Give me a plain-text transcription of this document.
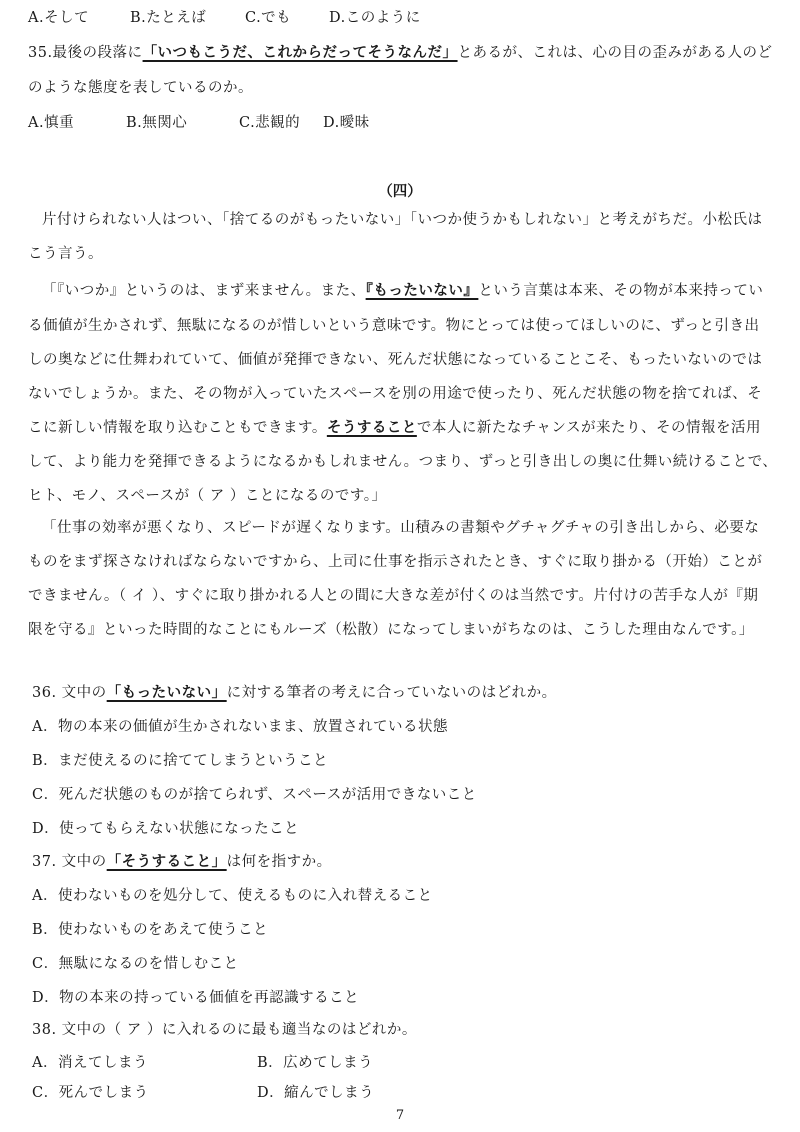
A.そして	B.たとえば	C.でも	D.このように
35.最後の段落に「いつもこうだ、これからだってそうなんだ」とあるが、これは、心の目の歪みがある人のど
のような態度を表しているのか。
A.慎重	B.無関心	C.悲観的 D.曖昧
（四）
片付けられない人はつい、「捨てるのがもったいない」「いつか使うかもしれない」と考えがちだ。小松氏は
こう言う。
「『いつか』というのは、まず来ません。また、『もったいない』という言葉は本来、その物が本来持ってい
る価値が生かされず、無駄になるのが惜しいという意味です。物にとっては使ってほしいのに、ずっと引き出
しの奥などに仕舞われていて、価値が発揮できない、死んだ状態になっていることこそ、もったいないのでは
ないでしょうか。また、その物が入っていたスペースを別の用途で使ったり、死んだ状態の物を捨てれば、そ
こに新しい情報を取り込むこともできます。そうすることで本人に新たなチャンスが来たり、その情報を活用
して、より能力を発揮できるようになるかもしれません。つまり、ずっと引き出しの奥に仕舞い続けることで、
ヒト、モノ、スペースが（ ア ）ことになるのです。」
「仕事の効率が悪くなり、スピードが遅くなります。山積みの書類やグチャグチャの引き出しから、必要な
ものをまず探さなければならないですから、上司に仕事を指示されたとき、すぐに取り掛かる（开始）ことが
できません。（ イ ）、すぐに取り掛かれる人との間に大きな差が付くのは当然です。片付けの苦手な人が『期
限を守る』といった時間的なことにもルーズ（松散）になってしまいがちなのは、こうした理由なんです。」
36. 文中の「もったいない」に対する筆者の考えに合っていないのはどれか。
A．物の本来の価値が生かされないまま、放置されている状態
B．まだ使えるのに捨ててしまうということ
C．死んだ状態のものが捨てられず、スペースが活用できないこと
D．使ってもらえない状態になったこと
37. 文中の「そうすること」は何を指すか。
A．使わないものを処分して、使えるものに入れ替えること
B．使わないものをあえて使うこと
C．無駄になるのを惜しむこと
D．物の本来の持っている価値を再認識すること
38. 文中の（ ア ）に入れるのに最も適当なのはどれか。
A．消えてしまう	B．広めてしまう
C．死んでしまう	D．縮んでしまう
7
